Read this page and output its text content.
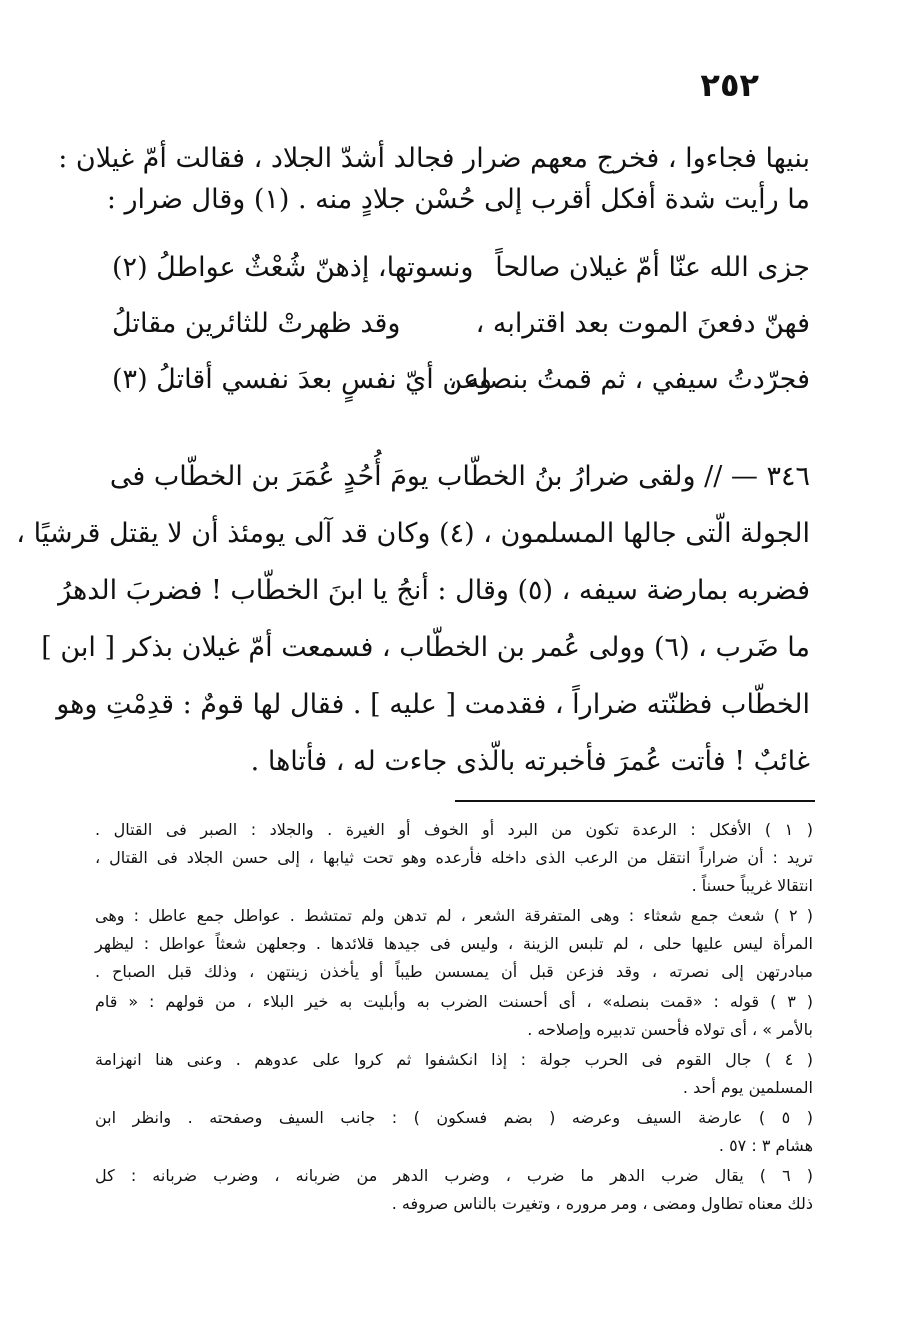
٢٥٢
بنيها فجاءوا ، فخرج معهم ضرار فجالد أشدّ الجلاد ، فقالت أمّ غيلان :
ما رأيت شدة أفكل أقرب إلى حُسْن جلادٍ منه . (١) وقال ضرار :
جزى الله عنّا أمّ غيلان صالحاً
ونسوتها، إذهنّ شُعْثٌ عواطلُ (٢)
فهنّ دفعنَ الموت بعد اقترابه ،
وقد ظهرتْ للثائرين مقاتلُ
فجرّدتُ سيفي ، ثم قمتُ بنصله ،
وعن أيّ نفسٍ بعدَ نفسي أقاتلُ (٣)
٣٤٦ — // ولقى ضرارُ بنُ الخطّاب يومَ أُحُدٍ عُمَرَ بن الخطّاب فى
الجولة الّتى جالها المسلمون ، (٤) وكان قد آلى يومئذ أن لا يقتل قرشيًا ،
فضربه بمارضة سيفه ، (٥) وقال : أنجُ يا ابنَ الخطّاب ! فضربَ الدهرُ
ما ضَرب ، (٦) وولى عُمر بن الخطّاب ، فسمعت أمّ غيلان بذكر [ ابن ]
الخطّاب فظنّته ضراراً ، فقدمت [ عليه ] . فقال لها قومٌ : قدِمْتِ وهو
غائبٌ ! فأتت عُمرَ فأخبرته بالّذى جاءت له ، فأتاها .
( ١ ) الأفكل : الرعدة تكون من البرد أو الخوف أو الغيرة . والجلاد : الصبر فى القتال .
تريد : أن ضراراً انتقل من الرعب الذى داخله فأرعده وهو تحت ثيابها ، إلى حسن الجلاد فى القتال ،
انتقالا غريباً حسناً .
( ٢ ) شعث جمع شعثاء : وهى المتفرقة الشعر ، لم تدهن ولم تمتشط . عواطل جمع عاطل : وهى
المرأة ليس عليها حلى ، لم تلبس الزينة ، وليس فى جيدها قلائدها . وجعلهن شعثاً عواطل : ليظهر
مبادرتهن إلى نصرته ، وقد فزعن قبل أن يمسسن طيباً أو يأخذن زينتهن ، وذلك قبل الصباح .
( ٣ ) قوله : «قمت بنصله» ، أى أحسنت الضرب به وأبليت به خير البلاء ، من قولهم : « قام
بالأمر » ، أى تولاه فأحسن تدبيره وإصلاحه .
( ٤ ) جال القوم فى الحرب جولة : إذا انكشفوا ثم كروا على عدوهم . وعنى هنا انهزامة
المسلمين يوم أحد .
( ٥ ) عارضة السيف وعرضه ( بضم فسكون ) : جانب السيف وصفحته . وانظر ابن
هشام ٣ : ٥٧ .
( ٦ ) يقال ضرب الدهر ما ضرب ، وضرب الدهر من ضربانه ، وضرب ضربانه : كل
ذلك معناه تطاول ومضى ، ومر مروره ، وتغيرت بالناس صروفه .
